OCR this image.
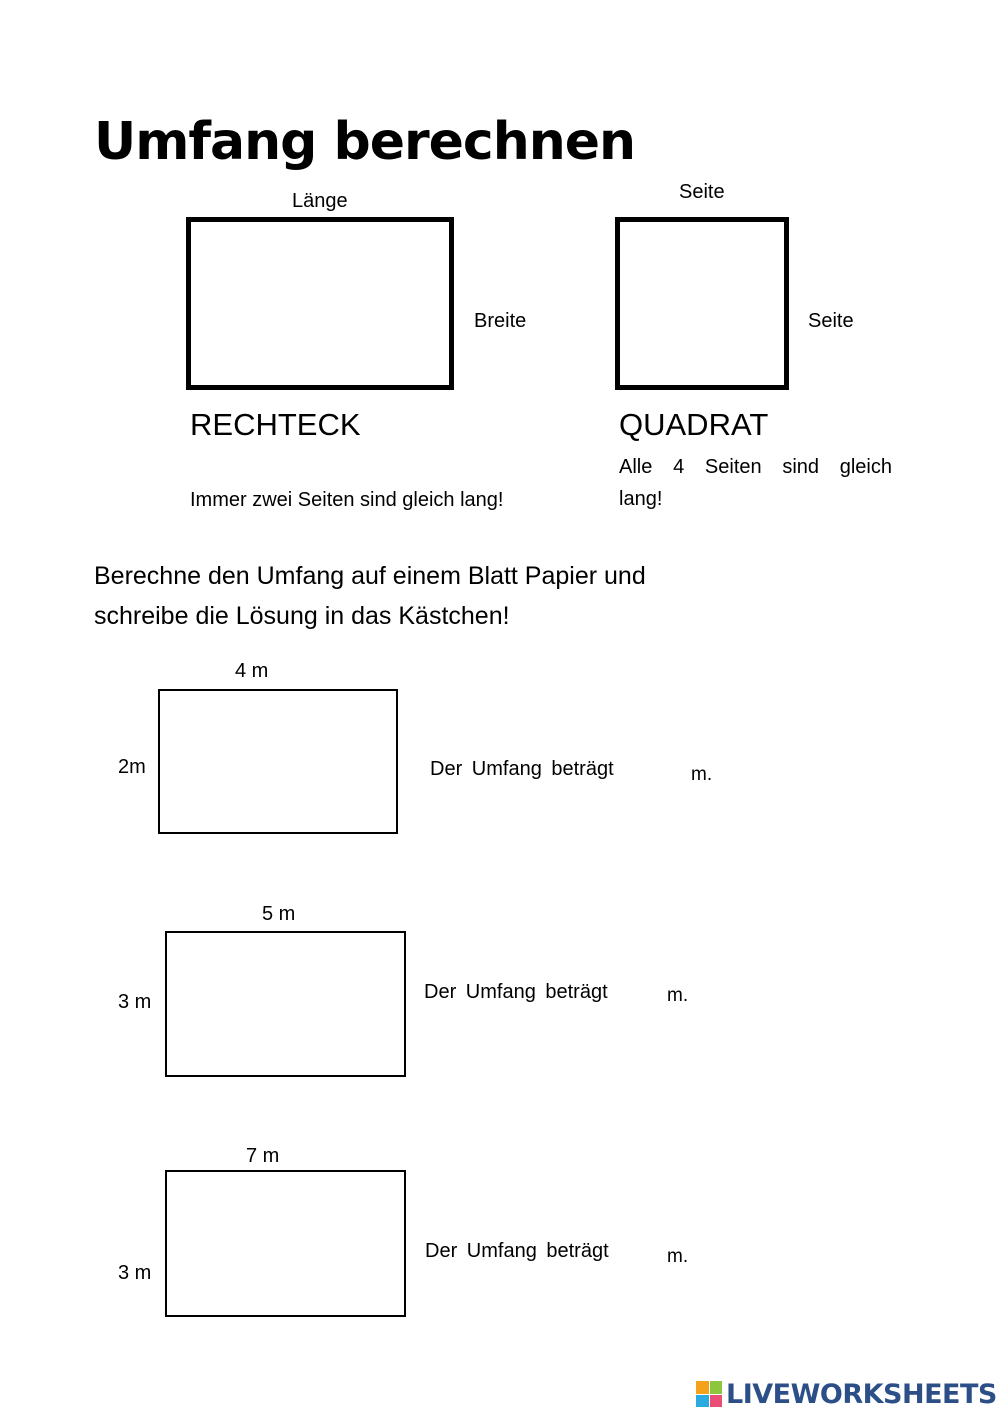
Umfang berechnen
Länge
Breite
RECHTECK
Immer zwei Seiten sind gleich lang!
Seite
Seite
QUADRAT
Alle 4 Seiten sind gleich lang!
Berechne den Umfang auf einem Blatt Papier und
schreibe die Lösung in das Kästchen!
4 m
2m	Der Umfang beträgt	m.
5 m
3 m	Der Umfang beträgt	m.
7 m
3 m
Der Umfang beträgt	m.
LIVEWORKSHEETS
